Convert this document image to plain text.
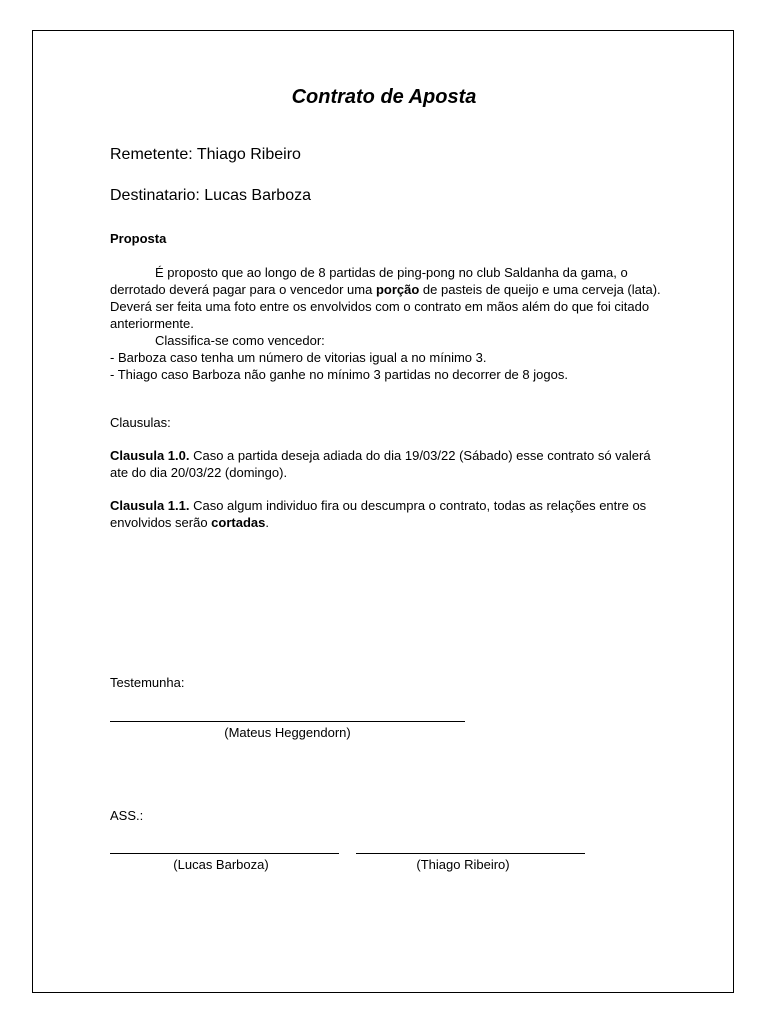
Contrato de Aposta
Remetente: Thiago Ribeiro
Destinatario: Lucas Barboza
Proposta
É proposto que ao longo de 8 partidas de ping-pong no club Saldanha da gama, o derrotado deverá pagar para o vencedor uma porção de pasteis de queijo e uma cerveja (lata). Deverá ser feita uma foto entre os envolvidos com o contrato em mãos além do que foi citado anteriormente.
Classifica-se como vencedor:
- Barboza caso tenha um número de vitorias igual a no mínimo 3.
- Thiago caso Barboza não ganhe no mínimo 3 partidas no decorrer de 8 jogos.
Clausulas:
Clausula 1.0. Caso a partida deseja adiada do dia 19/03/22 (Sábado) esse contrato só valerá ate do dia 20/03/22 (domingo).
Clausula 1.1. Caso algum individuo fira ou descumpra o contrato, todas as relações entre os envolvidos serão cortadas.
Testemunha:
(Mateus Heggendorn)
ASS.:
(Lucas Barboza)	(Thiago Ribeiro)
